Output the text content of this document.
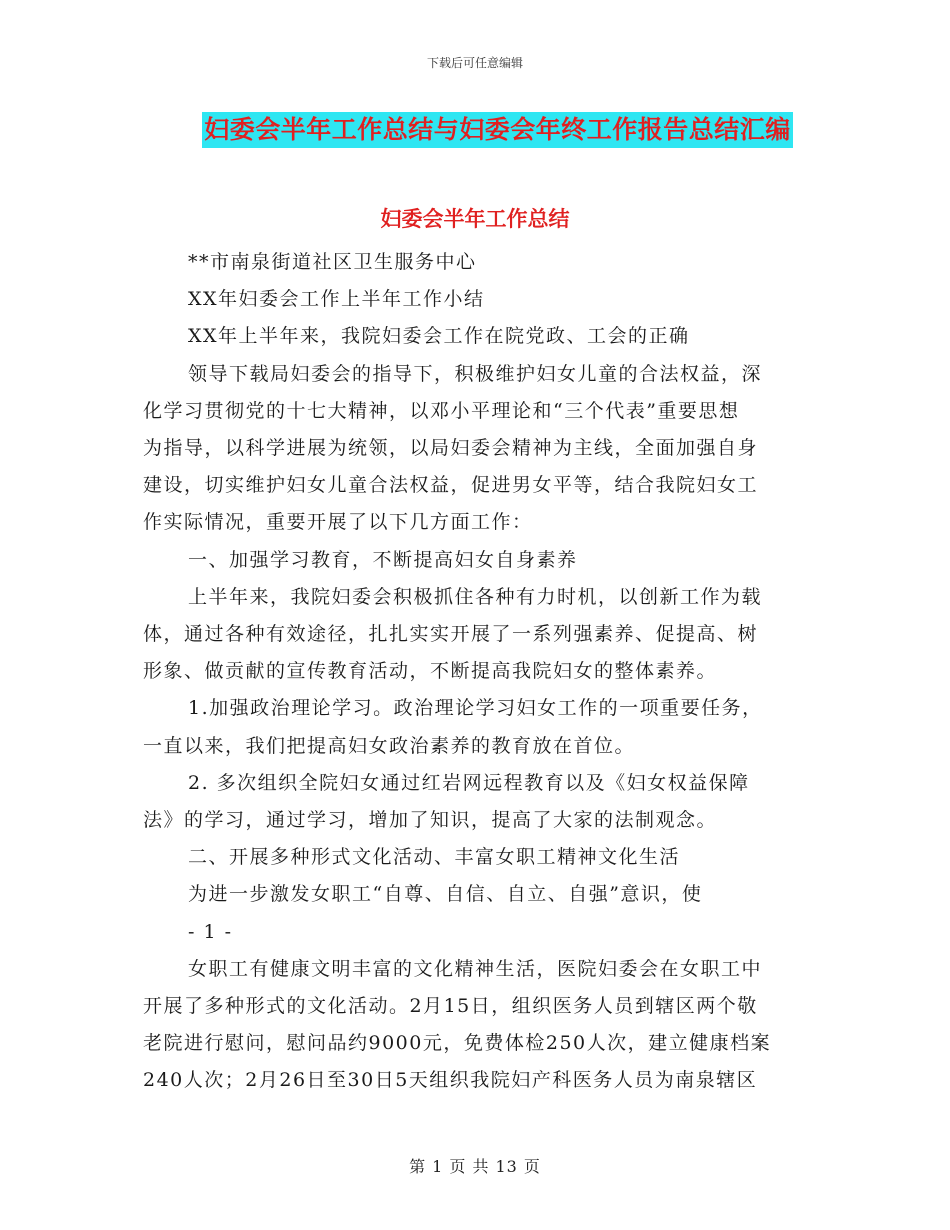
下载后可任意编辑
妇委会半年工作总结与妇委会年终工作报告总结汇编
妇委会半年工作总结

**市南泉街道社区卫生服务中心

XX年妇委会工作上半年工作小结

XX年上半年来，我院妇委会工作在院党政、工会的正确

领导下载局妇委会的指导下，积极维护妇女儿童的合法权益，深

化学习贯彻党的十七大精神，以邓小平理论和“三个代表”重要思想

为指导，以科学进展为统领，以局妇委会精神为主线，全面加强自身

建设，切实维护妇女儿童合法权益，促进男女平等，结合我院妇女工

作实际情况，重要开展了以下几方面工作：

一、加强学习教育，不断提高妇女自身素养

上半年来，我院妇委会积极抓住各种有力时机，以创新工作为载

体，通过各种有效途径，扎扎实实开展了一系列强素养、促提高、树

形象、做贡献的宣传教育活动，不断提高我院妇女的整体素养。

1.加强政治理论学习。政治理论学习妇女工作的一项重要任务，

一直以来，我们把提高妇女政治素养的教育放在首位。

2. 多次组织全院妇女通过红岩网远程教育以及《妇女权益保障

法》的学习，通过学习，增加了知识，提高了大家的法制观念。

二、开展多种形式文化活动、丰富女职工精神文化生活

为进一步激发女职工“自尊、自信、自立、自强”意识，使

- 1 -

女职工有健康文明丰富的文化精神生活，医院妇委会在女职工中

开展了多种形式的文化活动。2月15日，组织医务人员到辖区两个敬

老院进行慰问，慰问品约9000元，免费体检250人次，建立健康档案

240人次；2月26日至30日5天组织我院妇产科医务人员为南泉辖区

第 1 页 共 13 页
